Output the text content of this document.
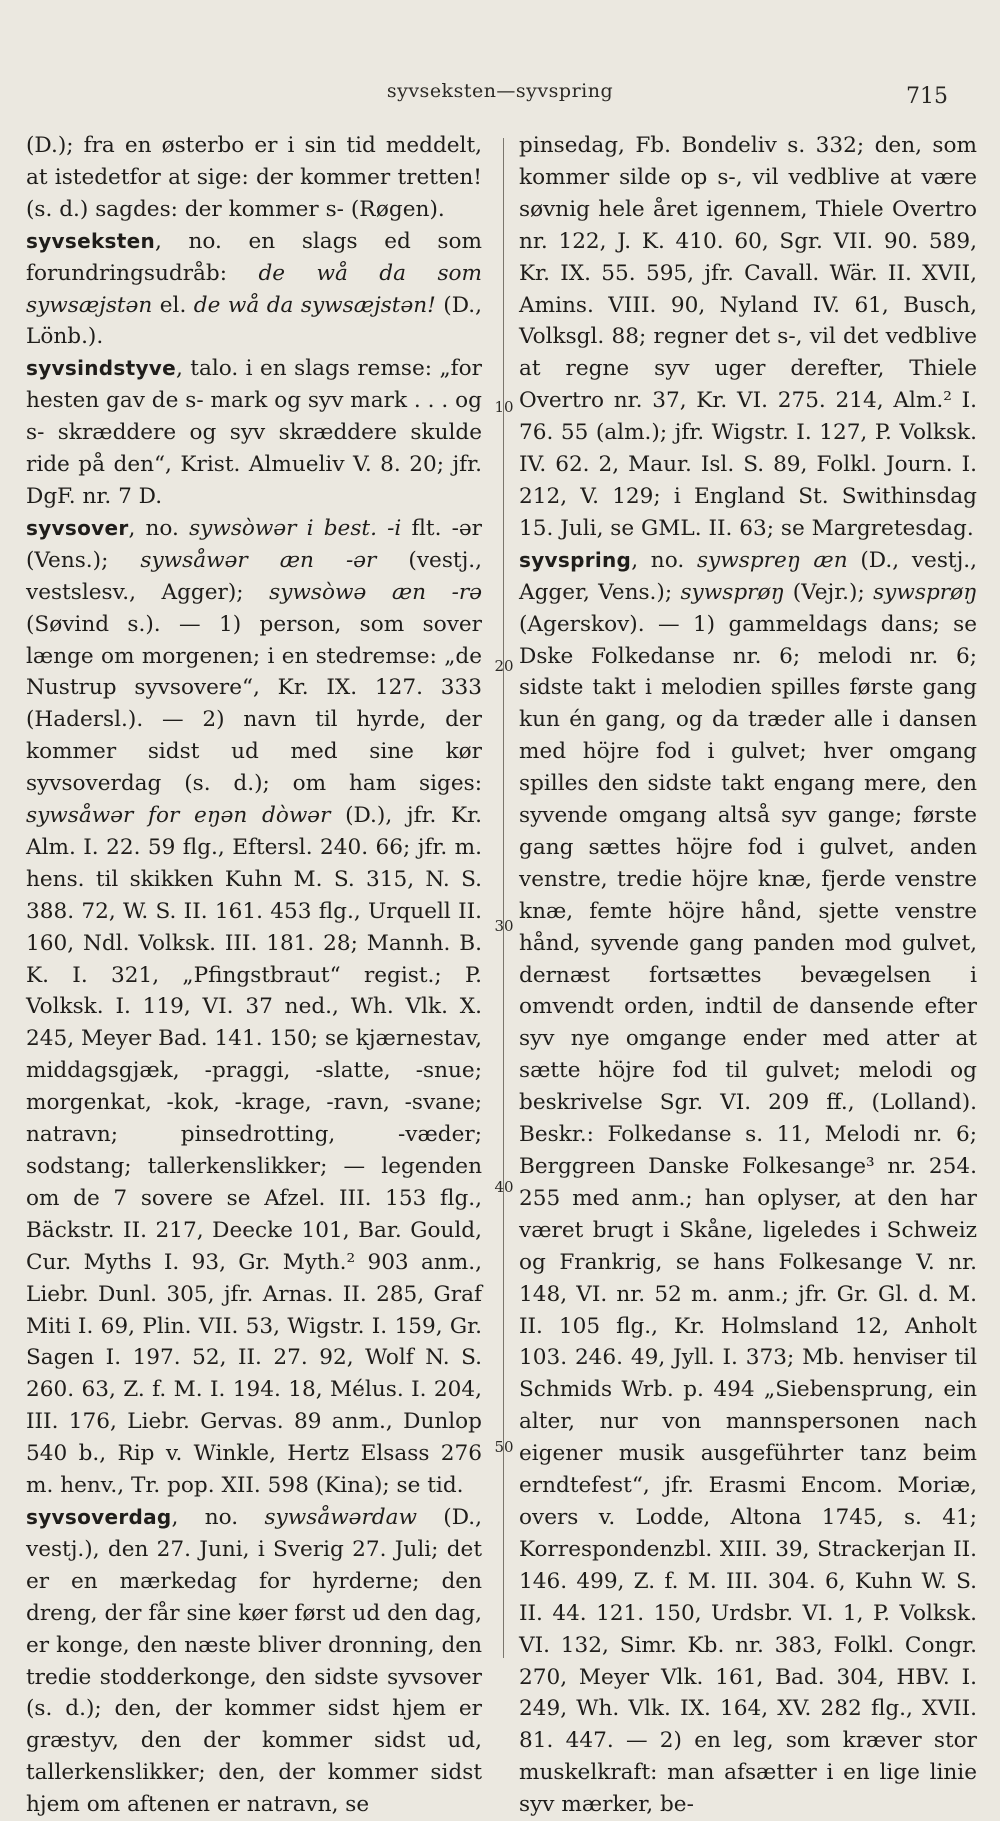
syvseksten—syvspring	715
10
20
30
40
50

(D.); fra en østerbo er i sin tid meddelt, at istedetfor at sige: der kommer tretten! (s. d.) sagdes: der kommer s- (Røgen).

syvseksten, no. en slags ed som forundringsudråb: de wå da som sywsæjstən el. de wå da sywsæjstən! (D., Lönb.).

syvsindstyve, talo. i en slags remse: „for hesten gav de s- mark og syv mark . . . og s- skræddere og syv skræddere skulde ride på den“, Krist. Almueliv V. 8. 20; jfr. DgF. nr. 7 D.

syvsover, no. sywsòwər i best. -i flt. -ər (Vens.); sywsåwər æn -ər (vestj., vestslesv., Agger); sywsòwə æn -rə (Søvind s.). — 1) person, som sover længe om morgenen; i en stedremse: „de Nustrup syvsovere“, Kr. IX. 127. 333 (Hadersl.). — 2) navn til hyrde, der kommer sidst ud med sine kør syvsoverdag (s. d.); om ham siges: sywsåwər for eŋən dòwər (D.), jfr. Kr. Alm. I. 22. 59 flg., Eftersl. 240. 66; jfr. m. hens. til skikken Kuhn M. S. 315, N. S. 388. 72, W. S. II. 161. 453 flg., Urquell II. 160, Ndl. Volksk. III. 181. 28; Mannh. B. K. I. 321, „Pfingstbraut“ regist.; P. Volksk. I. 119, VI. 37 ned., Wh. Vlk. X. 245, Meyer Bad. 141. 150; se kjærnestav, middagsgjæk, -praggi, -slatte, -snue; morgenkat, -kok, -krage, -ravn, -svane; natravn; pinsedrotting, -væder; sodstang; tallerkenslikker; — legenden om de 7 sovere se Afzel. III. 153 flg., Bäckstr. II. 217, Deecke 101, Bar. Gould, Cur. Myths I. 93, Gr. Myth.² 903 anm., Liebr. Dunl. 305, jfr. Arnas. II. 285, Graf Miti I. 69, Plin. VII. 53, Wigstr. I. 159, Gr. Sagen I. 197. 52, II. 27. 92, Wolf N. S. 260. 63, Z. f. M. I. 194. 18, Mélus. I. 204, III. 176, Liebr. Gervas. 89 anm., Dunlop 540 b., Rip v. Winkle, Hertz Elsass 276 m. henv., Tr. pop. XII. 598 (Kina); se tid.

syvsoverdag, no. sywsåwərdaw (D., vestj.), den 27. Juni, i Sverig 27. Juli; det er en mærkedag for hyrderne; den dreng, der får sine køer først ud den dag, er konge, den næste bliver dronning, den tredie stodderkonge, den sidste syvsover (s. d.); den, der kommer sidst hjem er græstyv, den der kommer sidst ud, tallerkenslikker; den, der kommer sidst hjem om aftenen er natravn, se

pinsedag, Fb. Bondeliv s. 332; den, som kommer silde op s-, vil vedblive at være søvnig hele året igennem, Thiele Overtro nr. 122, J. K. 410. 60, Sgr. VII. 90. 589, Kr. IX. 55. 595, jfr. Cavall. Wär. II. XVII, Amins. VIII. 90, Nyland IV. 61, Busch, Volksgl. 88; regner det s-, vil det vedblive at regne syv uger derefter, Thiele Overtro nr. 37, Kr. VI. 275. 214, Alm.² I. 76. 55 (alm.); jfr. Wigstr. I. 127, P. Volksk. IV. 62. 2, Maur. Isl. S. 89, Folkl. Journ. I. 212, V. 129; i England St. Swithinsdag 15. Juli, se GML. II. 63; se Margretesdag.

syvspring, no. sywspreŋ æn (D., vestj., Agger, Vens.); sywsprøŋ (Vejr.); sywsprøŋ (Agerskov). — 1) gammeldags dans; se Dske Folkedanse nr. 6; melodi nr. 6; sidste takt i melodien spilles første gang kun én gang, og da træder alle i dansen med höjre fod i gulvet; hver omgang spilles den sidste takt engang mere, den syvende omgang altså syv gange; første gang sættes höjre fod i gulvet, anden venstre, tredie höjre knæ, fjerde venstre knæ, femte höjre hånd, sjette venstre hånd, syvende gang panden mod gulvet, dernæst fortsættes bevægelsen i omvendt orden, indtil de dansende efter syv nye omgange ender med atter at sætte höjre fod til gulvet; melodi og beskrivelse Sgr. VI. 209 ff., (Lolland). Beskr.: Folkedanse s. 11, Melodi nr. 6; Berggreen Danske Folkesange³ nr. 254. 255 med anm.; han oplyser, at den har været brugt i Skåne, ligeledes i Schweiz og Frankrig, se hans Folkesange V. nr. 148, VI. nr. 52 m. anm.; jfr. Gr. Gl. d. M. II. 105 flg., Kr. Holmsland 12, Anholt 103. 246. 49, Jyll. I. 373; Mb. henviser til Schmids Wrb. p. 494 „Siebensprung, ein alter, nur von mannspersonen nach eigener musik ausgeführter tanz beim erndtefest“, jfr. Erasmi Encom. Moriæ, overs v. Lodde, Altona 1745, s. 41; Korrespondenzbl. XIII. 39, Strackerjan II. 146. 499, Z. f. M. III. 304. 6, Kuhn W. S. II. 44. 121. 150, Urdsbr. VI. 1, P. Volksk. VI. 132, Simr. Kb. nr. 383, Folkl. Congr. 270, Meyer Vlk. 161, Bad. 304, HBV. I. 249, Wh. Vlk. IX. 164, XV. 282 flg., XVII. 81. 447. — 2) en leg, som kræver stor muskelkraft: man afsætter i en lige linie syv mærker, be-
